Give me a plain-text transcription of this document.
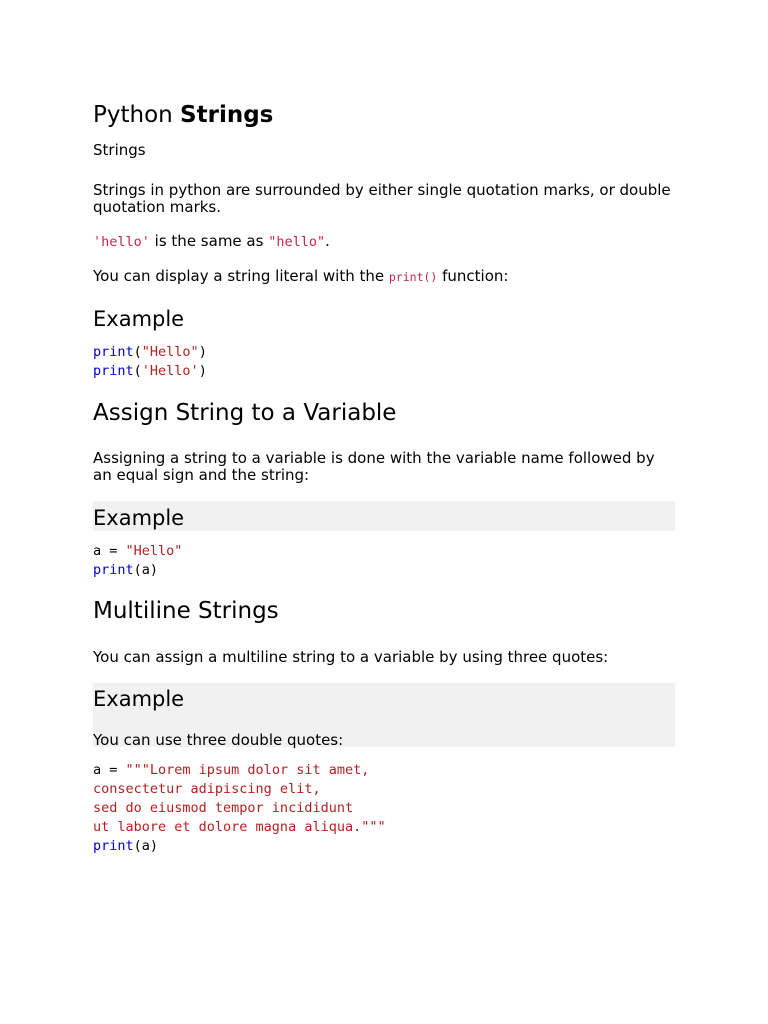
Python Strings
Strings
Strings in python are surrounded by either single quotation marks, or double quotation marks.
'hello' is the same as "hello".
You can display a string literal with the print() function:
Example
print("Hello")
print('Hello')
Assign String to a Variable
Assigning a string to a variable is done with the variable name followed by an equal sign and the string:
Example
a = "Hello"
print(a)
Multiline Strings
You can assign a multiline string to a variable by using three quotes:
Example
You can use three double quotes:
a = """Lorem ipsum dolor sit amet,
consectetur adipiscing elit,
sed do eiusmod tempor incididunt
ut labore et dolore magna aliqua."""
print(a)
